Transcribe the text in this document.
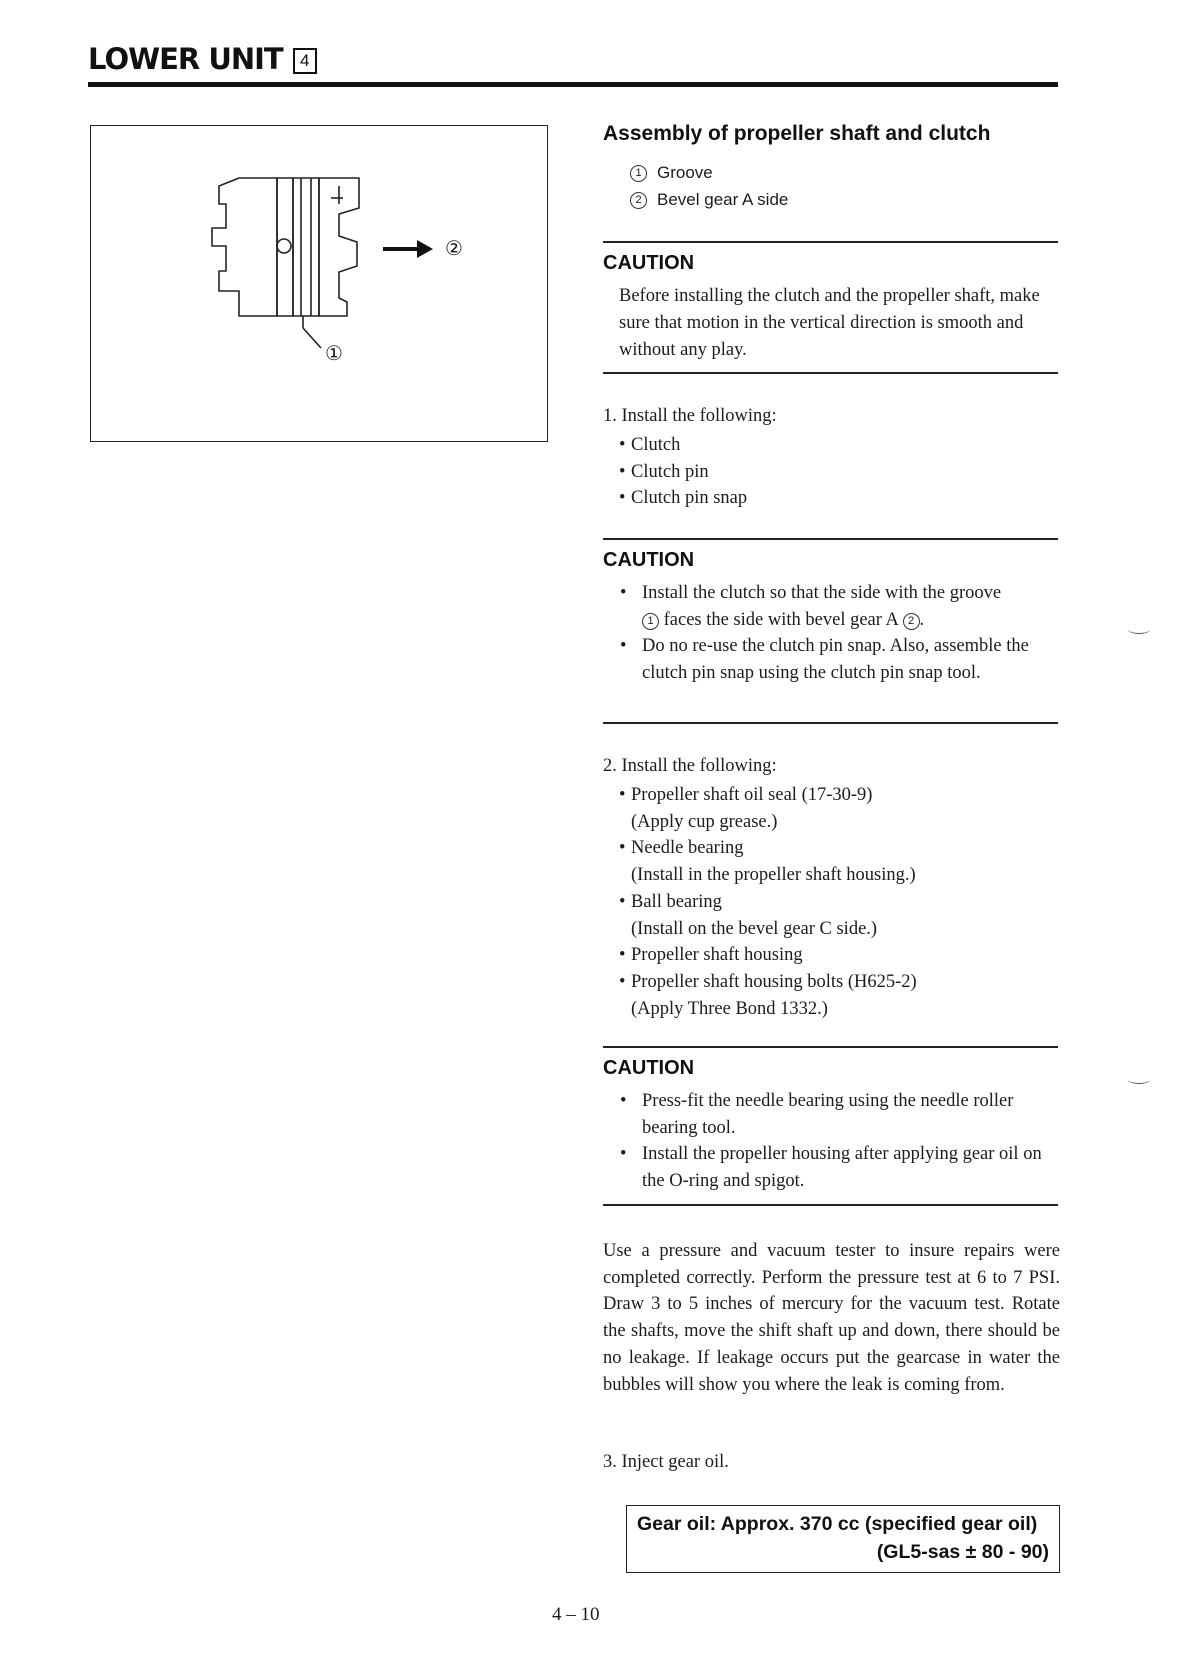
LOWER UNIT 4
②
①
Assembly of propeller shaft and clutch
1 Groove
2 Bevel gear A side
CAUTION
Before installing the clutch and the propeller shaft, make sure that motion in the vertical direction is smooth and without any play.
1. Install the following:
• Clutch
• Clutch pin
• Clutch pin snap
CAUTION
• Install the clutch so that the side with the groove
1 faces the side with bevel gear A 2 .
• Do no re-use the clutch pin snap. Also, assemble the clutch pin snap using the clutch pin snap tool.
2. Install the following:
• Propeller shaft oil seal (17-30-9)
(Apply cup grease.)
• Needle bearing
(Install in the propeller shaft housing.)
• Ball bearing
(Install on the bevel gear C side.)
• Propeller shaft housing
• Propeller shaft housing bolts (H625-2)
(Apply Three Bond 1332.)
CAUTION
• Press-fit the needle bearing using the needle roller bearing tool.
• Install the propeller housing after applying gear oil on the O-ring and spigot.
Use a pressure and vacuum tester to insure repairs were completed correctly. Perform the pressure test at 6 to 7 PSI. Draw 3 to 5 inches of mercury for the vacuum test. Rotate the shafts, move the shift shaft up and down, there should be no leakage. If leakage occurs put the gearcase in water the bubbles will show you where the leak is coming from.
3. Inject gear oil.
Gear oil: Approx. 370 cc (specified gear oil)
(GL5-sas ± 80 - 90)
4 – 10
